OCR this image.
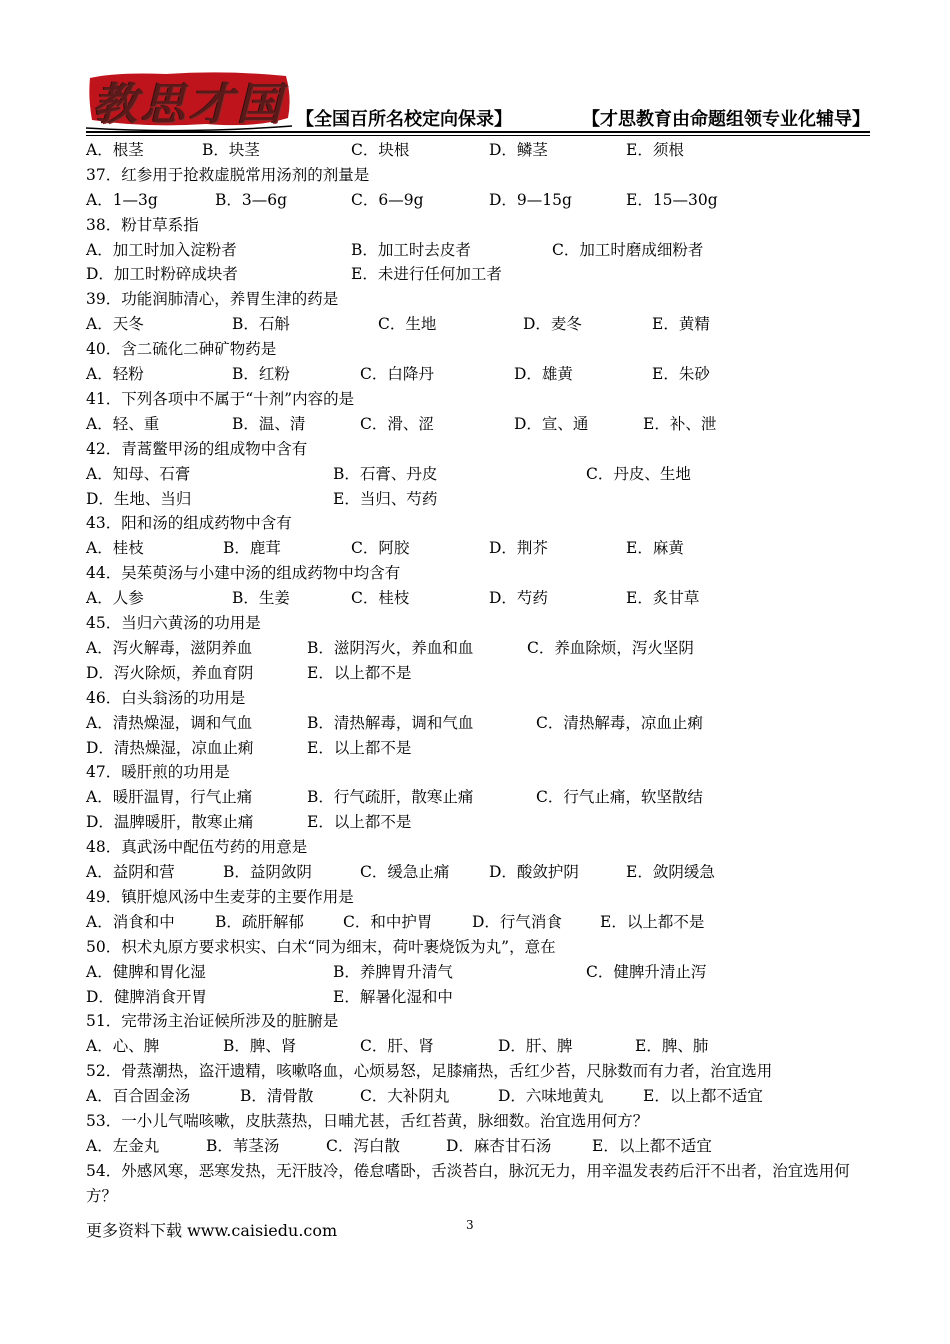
教思才国 【全国百所名校定向保录】	【才思教育由命题组领专业化辅导】
A．根茎	B．块茎	C．块根	D．鳞茎	E．须根
37．红参用于抢救虚脱常用汤剂的剂量是
A．1—3g	B．3—6g	C．6—9g	D．9—15g	E．15—30g
38．粉甘草系指
A．加工时加入淀粉者	B．加工时去皮者	C．加工时磨成细粉者
D．加工时粉碎成块者	E．未进行任何加工者
39．功能润肺清心，养胃生津的药是
A．天冬	B．石斛	C．生地	D．麦冬	E．黄精
40．含二硫化二砷矿物药是
A．轻粉	B．红粉	C．白降丹	D．雄黄	E．朱砂
41．下列各项中不属于“十剂”内容的是
A．轻、重	B．温、清	C．滑、涩	D．宣、通	E．补、泄
42．青蒿鳖甲汤的组成物中含有
A．知母、石膏	B．石膏、丹皮	C．丹皮、生地
D．生地、当归	E．当归、芍药
43．阳和汤的组成药物中含有
A．桂枝	B．鹿茸	C．阿胶	D．荆芥	E．麻黄
44．吴茱萸汤与小建中汤的组成药物中均含有
A．人参	B．生姜	C．桂枝	D．芍药	E．炙甘草
45．当归六黄汤的功用是
A．泻火解毒，滋阴养血	B．滋阴泻火，养血和血	C．养血除烦，泻火坚阴
D．泻火除烦，养血育阴	E．以上都不是
46．白头翁汤的功用是
A．清热燥湿，调和气血	B．清热解毒，调和气血	C．清热解毒，凉血止痢
D．清热燥湿，凉血止痢	E．以上都不是
47．暖肝煎的功用是
A．暖肝温胃，行气止痛	B．行气疏肝，散寒止痛	C．行气止痛，软坚散结
D．温脾暖肝，散寒止痛	E．以上都不是
48．真武汤中配伍芍药的用意是
A．益阴和营	B．益阴敛阴	C．缓急止痛	D．酸敛护阴	E．敛阴缓急
49．镇肝熄风汤中生麦芽的主要作用是
A．消食和中	B．疏肝解郁	C．和中护胃	D．行气消食 E．以上都不是
50．枳术丸原方要求枳实、白术“同为细末，荷叶裹烧饭为丸”，意在
A．健脾和胃化湿	B．养脾胃升清气	C．健脾升清止泻
D．健脾消食开胃	E．解暑化湿和中
51．完带汤主治证候所涉及的脏腑是
A．心、脾	B．脾、肾	C．肝、肾	D．肝、脾	E．脾、肺
52．骨蒸潮热，盗汗遗精，咳嗽咯血，心烦易怒，足膝痛热，舌红少苔，尺脉数而有力者，治宜选用
A．百合固金汤	B．清骨散	C．大补阴丸	D．六味地黄丸	E．以上都不适宜
53．一小儿气喘咳嗽，皮肤蒸热，日晡尤甚，舌红苔黄，脉细数。治宜选用何方？
A．左金丸	B．苇茎汤	C．泻白散	D．麻杏甘石汤	E．以上都不适宜
54．外感风寒，恶寒发热，无汗肢冷，倦怠嗜卧，舌淡苔白，脉沉无力，用辛温发表药后汗不出者，治宜选用何方？
更多资料下载 www.caisiedu.com	3
